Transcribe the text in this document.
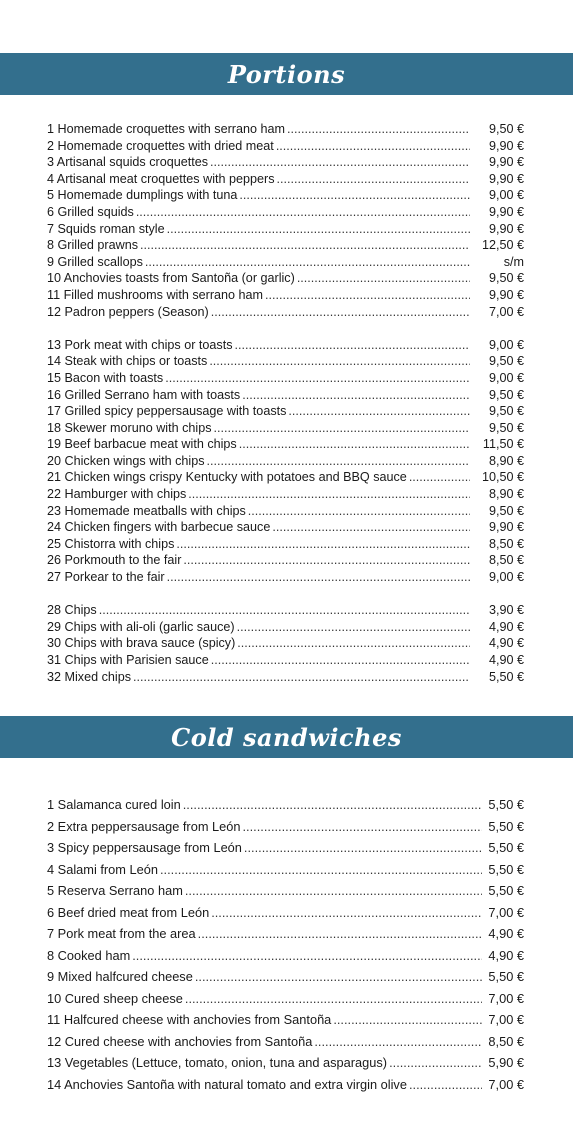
Portions
1 Homemade croquettes with serrano ham .....	9,50 €
2 Homemade croquettes with dried meat .....	9,90 €
3 Artisanal squids croquettes .....	9,90 €
4 Artisanal meat croquettes with peppers .....	9,90 €
5 Homemade dumplings with tuna .....	9,00 €
6 Grilled squids .....	9,90 €
7 Squids roman style .....	9,90 €
8 Grilled prawns .....	12,50 €
9 Grilled scallops .....	s/m
10 Anchovies toasts from Santoña (or garlic) .....	9,50 €
11 Filled mushrooms with serrano ham .....	9,90 €
12 Padron peppers (Season) .....	7,00 €
13 Pork meat with chips or toasts .....	9,00 €
14 Steak with chips or toasts .....	9,50 €
15 Bacon with toasts .....	9,00 €
16 Grilled Serrano ham with toasts .....	9,50 €
17 Grilled spicy peppersausage with toasts .....	9,50 €
18 Skewer moruno with chips .....	9,50 €
19 Beef barbacue meat with chips .....	11,50 €
20 Chicken wings with chips .....	8,90 €
21 Chicken wings crispy Kentucky with potatoes and BBQ sauce .....	10,50 €
22 Hamburger with chips .....	8,90 €
23 Homemade meatballs with chips .....	9,50 €
24 Chicken fingers with barbecue sauce .....	9,90 €
25 Chistorra with chips .....	8,50 €
26 Porkmouth to the fair .....	8,50 €
27 Porkear to the fair .....	9,00 €
28 Chips .....	3,90 €
29 Chips with ali-oli (garlic sauce) .....	4,90 €
30 Chips with brava sauce (spicy) .....	4,90 €
31 Chips with Parisien sauce .....	4,90 €
32 Mixed chips .....	5,50 €
Cold sandwiches
1 Salamanca cured loin .....	5,50 €
2 Extra peppersausage from León .....	5,50 €
3 Spicy peppersausage from León .....	5,50 €
4 Salami from León .....	5,50 €
5 Reserva Serrano ham .....	5,50 €
6 Beef dried meat from León .....	7,00 €
7 Pork meat from the area .....	4,90 €
8 Cooked ham .....	4,90 €
9 Mixed halfcured cheese .....	5,50 €
10 Cured sheep cheese .....	7,00 €
11 Halfcured cheese with anchovies from Santoña .....	7,00 €
12 Cured cheese with anchovies from Santoña .....	8,50 €
13 Vegetables (Lettuce, tomato, onion, tuna and asparagus) .....	5,90 €
14 Anchovies Santoña with natural tomato and extra virgin olive .....	7,00 €
